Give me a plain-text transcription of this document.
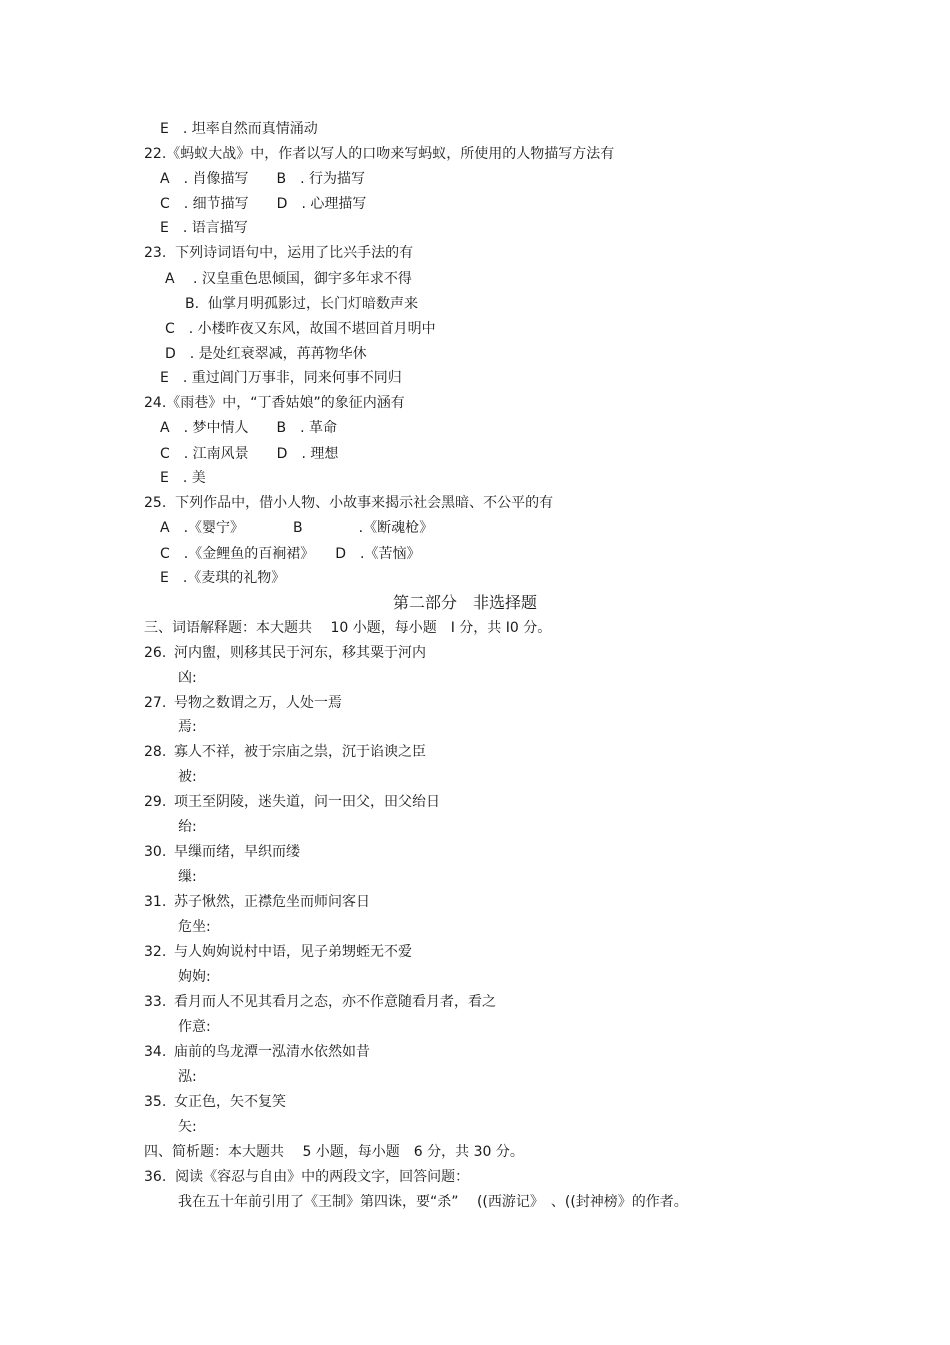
E　. 坦率自然而真情涌动
22.《蚂蚁大战》中，作者以写人的口吻来写蚂蚁，所使用的人物描写方法有
A　. 肖像描写　　B　. 行为描写
C　. 细节描写　　D　. 心理描写
E　. 语言描写
23.  下列诗词语句中，运用了比兴手法的有
A　 . 汉皇重色思倾国，御宇多年求不得
B.  仙掌月明孤影过，长门灯暗数声来
C　. 小楼昨夜又东风，故国不堪回首月明中
D　. 是处红衰翠减，苒苒物华休
E　. 重过阊门万事非，同来何事不同归
24.《雨巷》中，“丁香姑娘”的象征内涵有
A　. 梦中情人　　B　. 革命
C　. 江南风景　　D　. 理想
E　. 美
25.  下列作品中，借小人物、小故事来揭示社会黑暗、不公平的有
A　.《婴宁》　　　　B　　　　.《断魂枪》
C　.《金鲤鱼的百裥裙》　　D　.《苦恼》
E　.《麦琪的礼物》
第二部分　非选择题
三、词语解释题：本大题共　 10 小题，每小题　I 分，共 I0 分。
26. 河内盥，则移其民于河东，移其粟于河内
凶:
27. 号物之数谓之万，人处一焉
焉:
28. 寡人不祥，被于宗庙之祟，沉于谄谀之臣
被:
29. 项王至阴陵，迷失道，问一田父，田父绐日
绐:
30. 早缫而绪，早织而缕
缫:
31. 苏子愀然，正襟危坐而师问客日
危坐:
32. 与人姁姁说村中语，见子弟甥蛭无不爱
姁姁:
33. 看月而人不见其看月之态，亦不作意随看月者，看之
作意:
34. 庙前的鸟龙潭一泓清水依然如昔
泓:
35. 女正色，矢不复笑
矢:
四、简析题：本大题共　 5 小题，每小题　6 分，共 30 分。
36.  阅读《容忍与自由》中的两段文字，回答问题：
我在五十年前引用了《王制》第四诛，要“杀”　 ((西游记》　、((封神榜》的作者。
